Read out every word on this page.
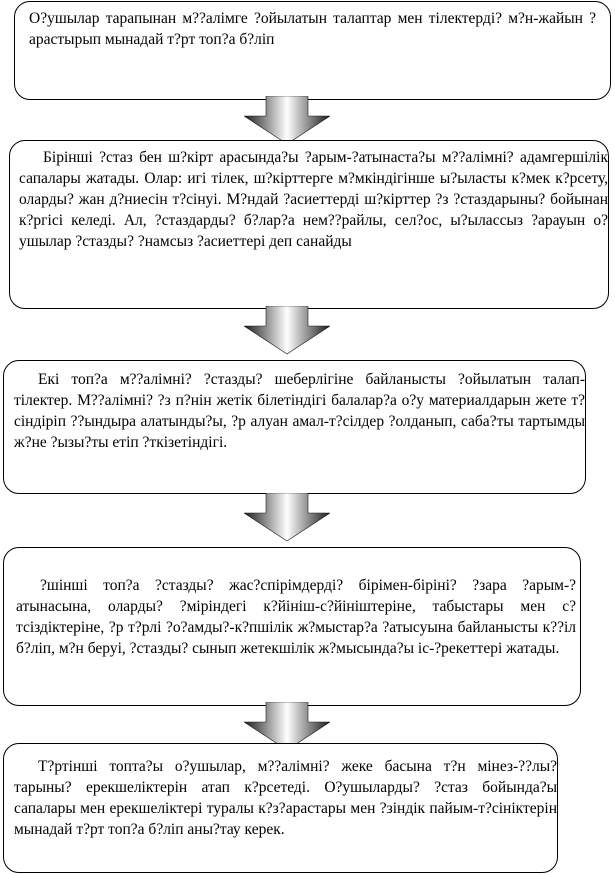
О?ушылар тарапынан м??алімге ?ойылатын талаптар мен тілектерді? м?н-жайын ?арастырып мынадай т?рт топ?а б?ліп

Бірінші ?стаз бен ш?кірт арасында?ы ?арым-?атынаста?ы м??алімні? адамгершілік сапалары жатады. Олар: игі тілек, ш?кірттерге м?мкіндігінше ы?ыласты к?мек к?рсету, оларды? жан д?ниесін т?сінуі. М?ндай ?асиеттерді ш?кірттер ?з ?стаздарыны? бойынан к?ргісі келеді. Ал, ?стаздарды? б?лар?а нем??райлы, сел?ос, ы?ылассыз ?арауын о?ушылар ?стазды? ?намсыз ?асиеттері деп санайды

Екі топ?а м??алімні? ?стазды? шеберлігіне байланысты ?ойылатын талап-тілектер. М??алімні? ?з п?нін жетік білетіндігі балалар?а о?у материалдарын жете т?сіндіріп ??ындыра алатынды?ы, ?р алуан амал-т?сілдер ?олданып, саба?ты тартымды ж?не ?ызы?ты етіп ?ткізетіндігі.

?шінші топ?а ?стазды? жас?спірімдерді? бірімен-біріні? ?зара ?арым-?атынасына, оларды? ?міріндегі к?йініш-с?йініштеріне, табыстары мен с?тсіздіктеріне, ?р т?рлі ?о?амды?-к?пшілік ж?мыстар?а ?атысуына байланысты к??іл б?ліп, м?н беруі, ?стазды? сынып жетекшілік ж?мысында?ы іс-?рекеттері жатады.

Т?ртінші топта?ы о?ушылар, м??алімні? жеке басына т?н мінез-??лы?тарыны? ерекшеліктерін атап к?рсетеді. О?ушыларды? ?стаз бойында?ы сапалары мен ерекшеліктері туралы к?з?арастары мен ?зіндік пайым-т?сініктерін мынадай т?рт топ?а б?ліп аны?тау керек.
